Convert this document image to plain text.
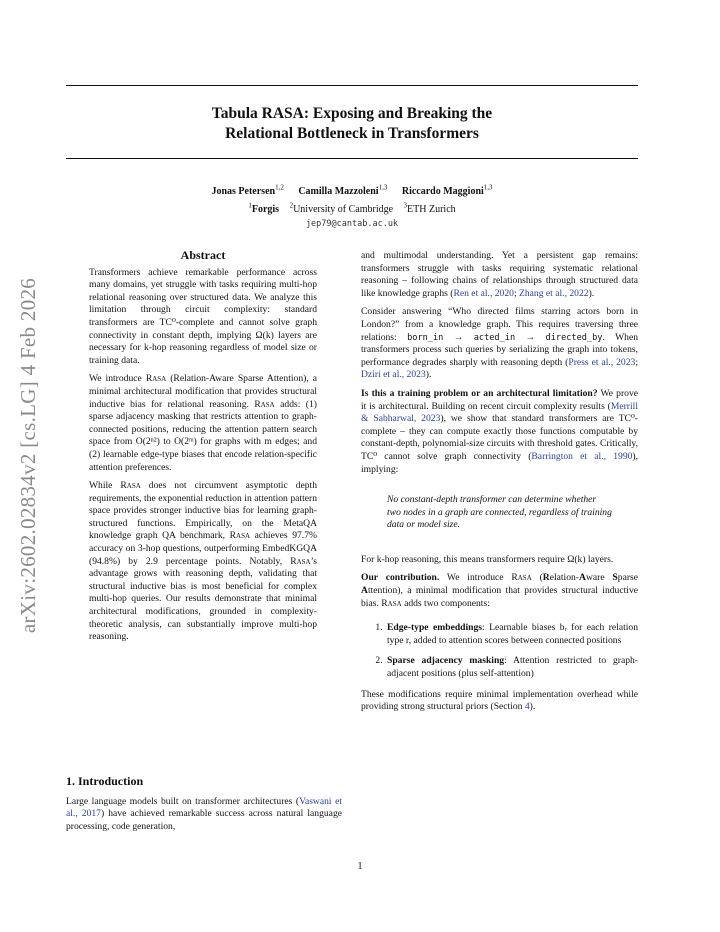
arXiv:2602.02834v2 [cs.LG] 4 Feb 2026
Tabula RASA: Exposing and Breaking the
Relational Bottleneck in Transformers
Jonas Petersen$^{1,2}$ Camilla Mazzoleni$^{1,3}$ Riccardo Maggioni$^{1,3}$
$^1$Forgis $^2$University of Cambridge $^3$ETH Zurich
jep79@cantab.ac.uk
Abstract

Transformers achieve remarkable performance across many domains, yet struggle with tasks requiring multi-hop relational reasoning over structured data. We analyze this limitation through circuit complexity: standard transformers are TC⁰-complete and cannot solve graph connectivity in constant depth, implying Ω(k) layers are necessary for k-hop reasoning regardless of model size or training data.

We introduce Rasa (Relation-Aware Sparse Attention), a minimal architectural modification that provides structural inductive bias for relational reasoning. Rasa adds: (1) sparse adjacency masking that restricts attention to graph-connected positions, reducing the attention pattern search space from O(2ⁿ²) to O(2ᵐ) for graphs with m edges; and (2) learnable edge-type biases that encode relation-specific attention preferences.

While Rasa does not circumvent asymptotic depth requirements, the exponential reduction in attention pattern space provides stronger inductive bias for learning graph-structured functions. Empirically, on the MetaQA knowledge graph QA benchmark, Rasa achieves 97.7% accuracy on 3-hop questions, outperforming EmbedKGQA (94.8%) by 2.9 percentage points. Notably, Rasa’s advantage grows with reasoning depth, validating that structural inductive bias is most beneficial for complex multi-hop queries. Our results demonstrate that minimal architectural modifications, grounded in complexity-theoretic analysis, can substantially improve multi-hop reasoning.

1. Introduction

Large language models built on transformer architectures (Vaswani et al., 2017) have achieved remarkable success across natural language processing, code generation,

and multimodal understanding. Yet a persistent gap remains: transformers struggle with tasks requiring systematic relational reasoning – following chains of relationships through structured data like knowledge graphs (Ren et al., 2020; Zhang et al., 2022).

Consider answering “Who directed films starring actors born in London?” from a knowledge graph. This requires traversing three relations: born_in → acted_in → directed_by. When transformers process such queries by serializing the graph into tokens, performance degrades sharply with reasoning depth (Press et al., 2023; Dziri et al., 2023).

Is this a training problem or an architectural limitation? We prove it is architectural. Building on recent circuit complexity results (Merrill & Sabharwal, 2023), we show that standard transformers are TC⁰-complete – they can compute exactly those functions computable by constant-depth, polynomial-size circuits with threshold gates. Critically, TC⁰ cannot solve graph connectivity (Barrington et al., 1990), implying:

No constant-depth transformer can determine whether two nodes in a graph are connected, regardless of training data or model size.

For k-hop reasoning, this means transformers require Ω(k) layers.

Our contribution. We introduce Rasa (Relation-Aware Sparse Attention), a minimal modification that provides structural inductive bias. Rasa adds two components:

1. Edge-type embeddings: Learnable biases bᵣ for each relation type r, added to attention scores between connected positions
2. Sparse adjacency masking: Attention restricted to graph-adjacent positions (plus self-attention)

These modifications require minimal implementation overhead while providing strong structural priors (Section 4).

1
